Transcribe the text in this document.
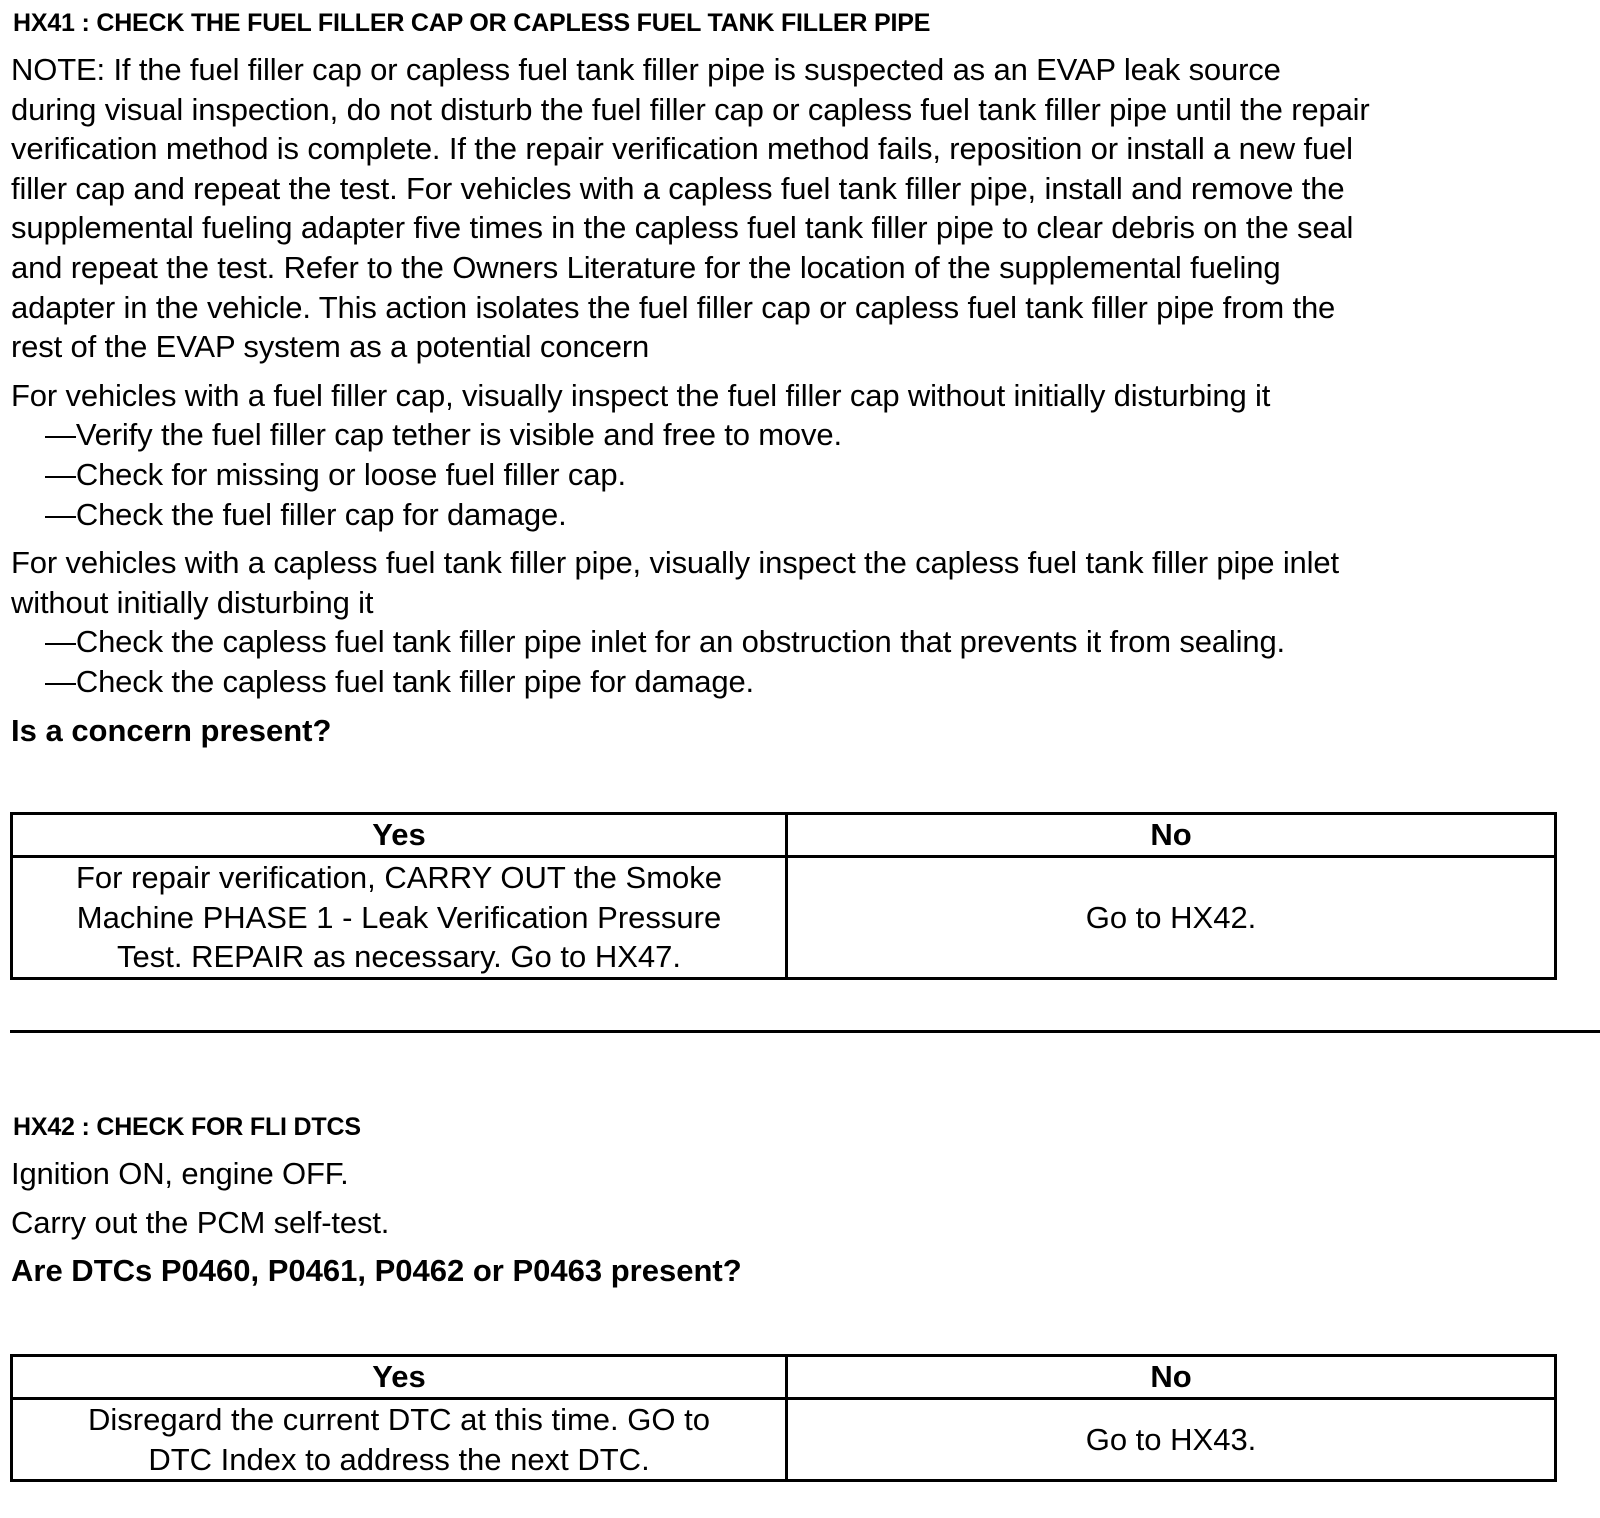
HX41 : CHECK THE FUEL FILLER CAP OR CAPLESS FUEL TANK FILLER PIPE
NOTE: If the fuel filler cap or capless fuel tank filler pipe is suspected as an EVAP leak source
during visual inspection, do not disturb the fuel filler cap or capless fuel tank filler pipe until the repair
verification method is complete. If the repair verification method fails, reposition or install a new fuel
filler cap and repeat the test. For vehicles with a capless fuel tank filler pipe, install and remove the
supplemental fueling adapter five times in the capless fuel tank filler pipe to clear debris on the seal
and repeat the test. Refer to the Owners Literature for the location of the supplemental fueling
adapter in the vehicle. This action isolates the fuel filler cap or capless fuel tank filler pipe from the
rest of the EVAP system as a potential concern
For vehicles with a fuel filler cap, visually inspect the fuel filler cap without initially disturbing it
—Verify the fuel filler cap tether is visible and free to move.
—Check for missing or loose fuel filler cap.
—Check the fuel filler cap for damage.
For vehicles with a capless fuel tank filler pipe, visually inspect the capless fuel tank filler pipe inlet
without initially disturbing it
—Check the capless fuel tank filler pipe inlet for an obstruction that prevents it from sealing.
—Check the capless fuel tank filler pipe for damage.
Is a concern present?
Yes	No

For repair verification, CARRY OUT the Smoke
Machine PHASE 1 - Leak Verification Pressure
Test. REPAIR as necessary. Go to HX47.	Go to HX42.
HX42 : CHECK FOR FLI DTCS
Ignition ON, engine OFF.
Carry out the PCM self-test.
Are DTCs P0460, P0461, P0462 or P0463 present?
Yes	No

Disregard the current DTC at this time. GO to
DTC Index to address the next DTC.	Go to HX43.
